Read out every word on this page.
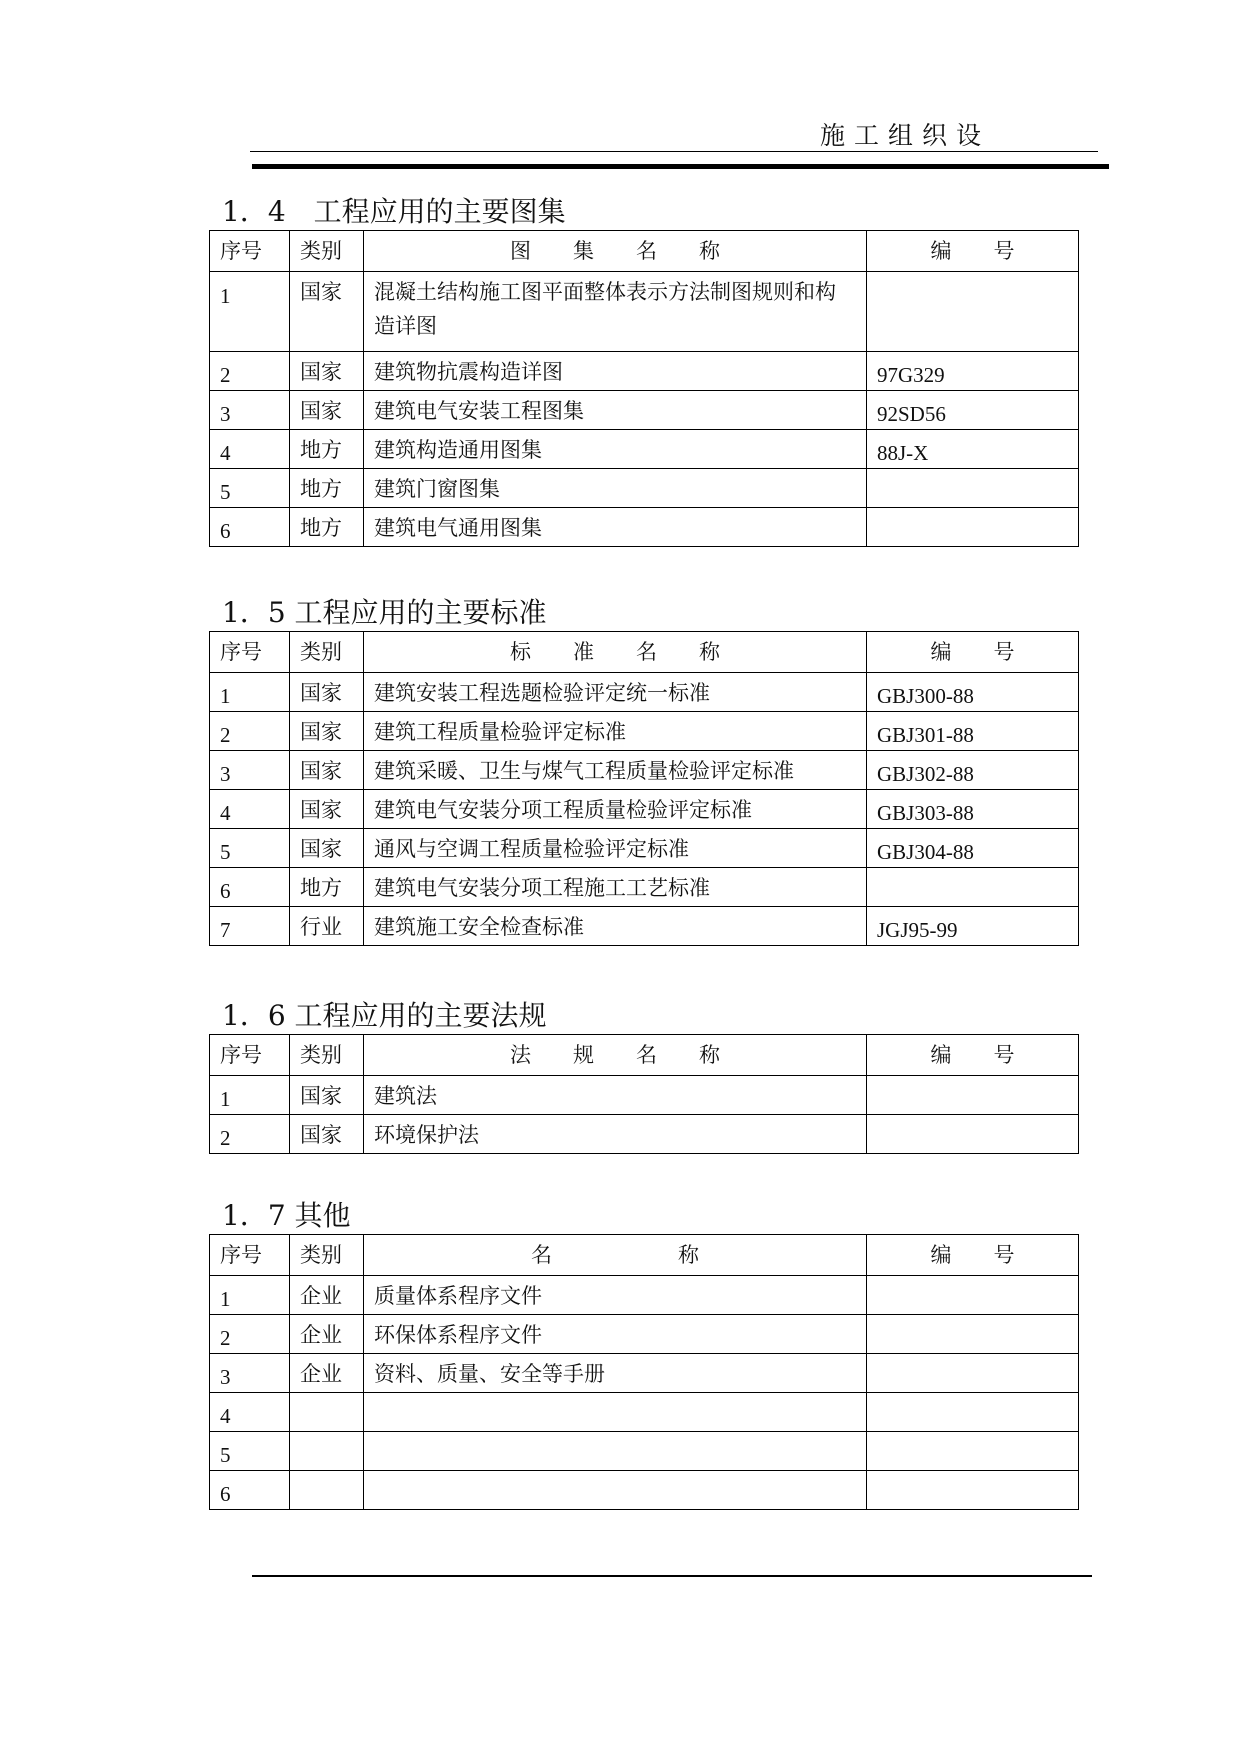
施工组织设
1．4　工程应用的主要图集
序号	类别	图　　集　　名　　称	编　　号
1	国家	混凝土结构施工图平面整体表示方法制图规则和构造详图	
2	国家	建筑物抗震构造详图	97G329
3	国家	建筑电气安装工程图集	92SD56
4	地方	建筑构造通用图集	88J-X
5	地方	建筑门窗图集	
6	地方	建筑电气通用图集	
1．5 工程应用的主要标准
序号	类别	标　　准　　名　　称	编　　号
1	国家	建筑安装工程选题检验评定统一标准	GBJ300-88
2	国家	建筑工程质量检验评定标准	GBJ301-88
3	国家	建筑采暖、卫生与煤气工程质量检验评定标准	GBJ302-88
4	国家	建筑电气安装分项工程质量检验评定标准	GBJ303-88
5	国家	通风与空调工程质量检验评定标准	GBJ304-88
6	地方	建筑电气安装分项工程施工工艺标准	
7	行业	建筑施工安全检查标准	JGJ95-99
1．6 工程应用的主要法规
序号	类别	法　　规　　名　　称	编　　号
1	国家	建筑法	
2	国家	环境保护法	
1．7 其他
序号	类别	名　　　　　　称	编　　号
1	企业	质量体系程序文件	
2	企业	环保体系程序文件	
3	企业	资料、质量、安全等手册	
4			
5			
6			
